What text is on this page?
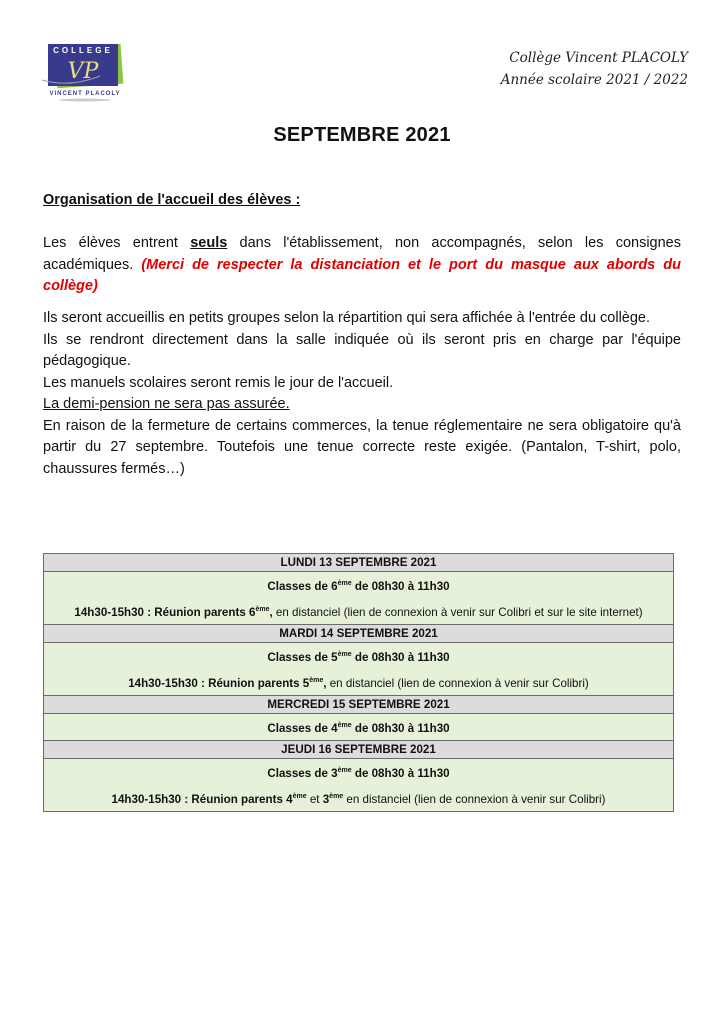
COLLEGE
VP
VINCENT PLACOLY
Collège Vincent PLACOLY
Année scolaire 2021 / 2022
SEPTEMBRE 2021
Organisation de l'accueil des élèves :
Les élèves entrent seuls dans l'établissement, non accompagnés, selon les consignes académiques. (Merci de respecter la distanciation et le port du masque aux abords du collège)
Ils seront accueillis en petits groupes selon la répartition qui sera affichée à l'entrée du collège.
Ils se rendront directement dans la salle indiquée où ils seront pris en charge par l'équipe pédagogique.
Les manuels scolaires seront remis le jour de l'accueil.
La demi-pension ne sera pas assurée.
En raison de la fermeture de certains commerces, la tenue réglementaire ne sera obligatoire qu'à partir du 27 septembre. Toutefois une tenue correcte reste exigée. (Pantalon, T-shirt, polo, chaussures fermés…)
LUNDI 13 SEPTEMBRE 2021

Classes de 6ème de 08h30 à 11h30
14h30-15h30 : Réunion parents 6ème, en distanciel (lien de connexion à venir sur Colibri et sur le site internet)

MARDI 14 SEPTEMBRE 2021

Classes de 5ème de 08h30 à 11h30
14h30-15h30 : Réunion parents 5ème, en distanciel (lien de connexion à venir sur Colibri)

MERCREDI 15 SEPTEMBRE 2021

Classes de 4ème de 08h30 à 11h30

JEUDI 16 SEPTEMBRE 2021

Classes de 3ème de 08h30 à 11h30
14h30-15h30 : Réunion parents 4ème et 3ème en distanciel (lien de connexion à venir sur Colibri)
